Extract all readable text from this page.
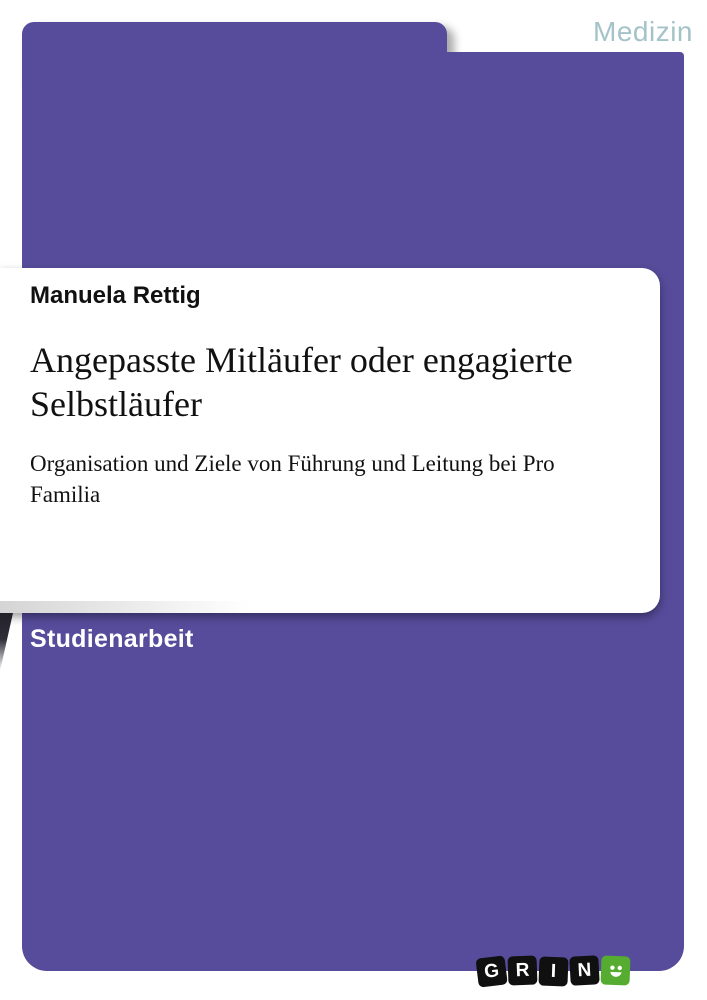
Medizin
Manuela Rettig
Angepasste Mitläufer oder engagierte Selbstläufer
Organisation und Ziele von Führung und Leitung bei Pro Familia
Studienarbeit
G R	I	N
